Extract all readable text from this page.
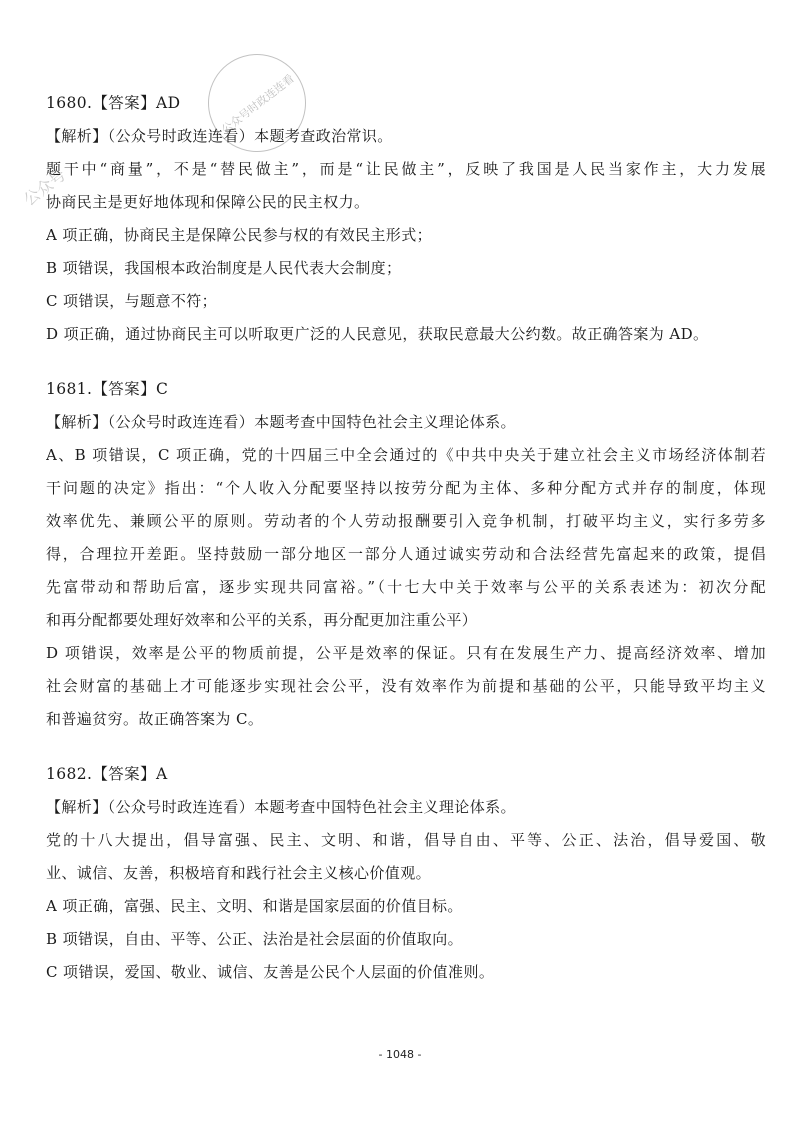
公众号时政连连看
公众号
1680.【答案】AD
【解析】（公众号时政连连看）本题考查政治常识。
题干中“商量”，不是“替民做主”，而是“让民做主”，反映了我国是人民当家作主，大力发展
协商民主是更好地体现和保障公民的民主权力。
A 项正确，协商民主是保障公民参与权的有效民主形式；
B 项错误，我国根本政治制度是人民代表大会制度；
C 项错误，与题意不符；
D 项正确，通过协商民主可以听取更广泛的人民意见，获取民意最大公约数。故正确答案为 AD。
1681.【答案】C
【解析】（公众号时政连连看）本题考查中国特色社会主义理论体系。
A、B 项错误，C 项正确，党的十四届三中全会通过的《中共中央关于建立社会主义市场经济体制若
干问题的决定》指出：“个人收入分配要坚持以按劳分配为主体、多种分配方式并存的制度，体现
效率优先、兼顾公平的原则。劳动者的个人劳动报酬要引入竞争机制，打破平均主义，实行多劳多
得，合理拉开差距。坚持鼓励一部分地区一部分人通过诚实劳动和合法经营先富起来的政策，提倡
先富带动和帮助后富，逐步实现共同富裕。”（十七大中关于效率与公平的关系表述为：初次分配
和再分配都要处理好效率和公平的关系，再分配更加注重公平）
D 项错误，效率是公平的物质前提，公平是效率的保证。只有在发展生产力、提高经济效率、增加
社会财富的基础上才可能逐步实现社会公平，没有效率作为前提和基础的公平，只能导致平均主义
和普遍贫穷。故正确答案为 C。
1682.【答案】A
【解析】（公众号时政连连看）本题考查中国特色社会主义理论体系。
党的十八大提出，倡导富强、民主、文明、和谐，倡导自由、平等、公正、法治，倡导爱国、敬
业、诚信、友善，积极培育和践行社会主义核心价值观。
A 项正确，富强、民主、文明、和谐是国家层面的价值目标。
B 项错误，自由、平等、公正、法治是社会层面的价值取向。
C 项错误，爱国、敬业、诚信、友善是公民个人层面的价值准则。
- 1048 -
